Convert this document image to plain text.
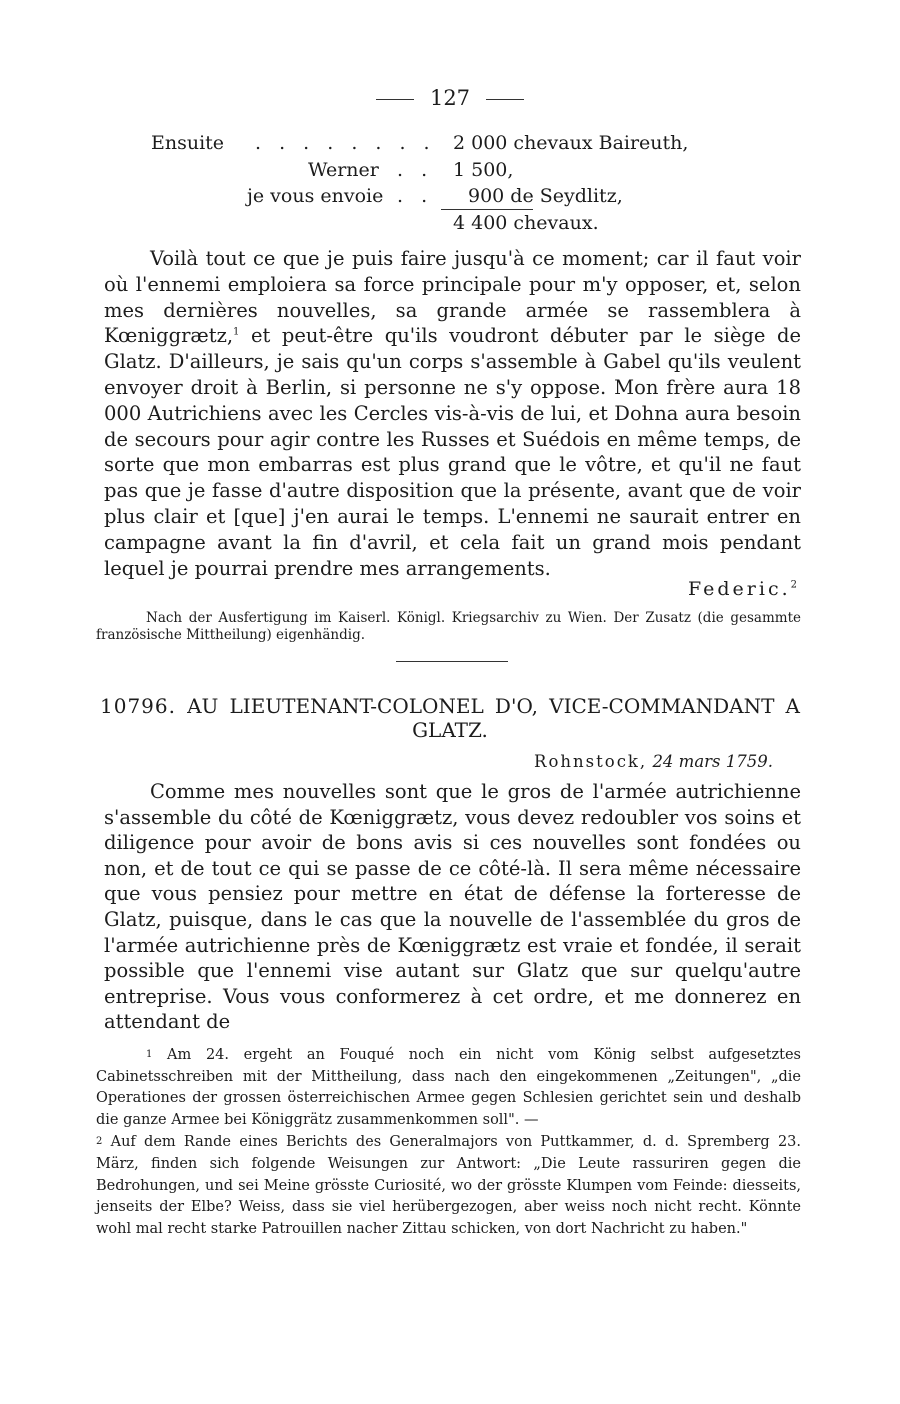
127
Ensuite . . . . . . . . 2 000 chevaux Baireuth,
Werner . . 1 500,
je vous envoie . . 900 de Seydlitz,
4 400 chevaux.

Voilà tout ce que je puis faire jusqu'à ce moment; car il faut voir où l'ennemi emploiera sa force principale pour m'y opposer, et, selon mes dernières nouvelles, sa grande armée se rassemblera à Kœniggrætz,$^1$ et peut-être qu'ils voudront débuter par le siège de Glatz. D'ailleurs, je sais qu'un corps s'assemble à Gabel qu'ils veulent envoyer droit à Berlin, si personne ne s'y oppose. Mon frère aura 18 000 Autrichiens avec les Cercles vis-à-vis de lui, et Dohna aura besoin de secours pour agir contre les Russes et Suédois en même temps, de sorte que mon embarras est plus grand que le vôtre, et qu'il ne faut pas que je fasse d'autre disposition que la présente, avant que de voir plus clair et [que] j'en aurai le temps. L'ennemi ne saurait entrer en campagne avant la fin d'avril, et cela fait un grand mois pendant lequel je pourrai prendre mes arrangements.

Federic.$^2$
Nach der Ausfertigung im Kaiserl. Königl. Kriegsarchiv zu Wien. Der Zusatz (die gesammte französische Mittheilung) eigenhändig.
10796. AU LIEUTENANT-COLONEL D'O, VICE-COMMANDANT A GLATZ.
Rohnstock, 24 mars 1759.

Comme mes nouvelles sont que le gros de l'armée autrichienne s'assemble du côté de Kœniggrætz, vous devez redoubler vos soins et diligence pour avoir de bons avis si ces nouvelles sont fondées ou non, et de tout ce qui se passe de ce côté-là. Il sera même nécessaire que vous pensiez pour mettre en état de défense la forteresse de Glatz, puisque, dans le cas que la nouvelle de l'assemblée du gros de l'armée autrichienne près de Kœniggrætz est vraie et fondée, il serait possible que l'ennemi vise autant sur Glatz que sur quelqu'autre entreprise. Vous vous conformerez à cet ordre, et me donnerez en attendant de

1 Am 24. ergeht an Fouqué noch ein nicht vom König selbst aufgesetztes Cabinetsschreiben mit der Mittheilung, dass nach den eingekommenen „Zeitungen", „die Operationes der grossen österreichischen Armee gegen Schlesien gerichtet sein und deshalb die ganze Armee bei Königgrätz zusammenkommen soll". —
2 Auf dem Rande eines Berichts des Generalmajors von Puttkammer, d. d. Spremberg 23. März, finden sich folgende Weisungen zur Antwort: „Die Leute rassuriren gegen die Bedrohungen, und sei Meine grösste Curiosité, wo der grösste Klumpen vom Feinde: diesseits, jenseits der Elbe? Weiss, dass sie viel herübergezogen, aber weiss noch nicht recht. Könnte wohl mal recht starke Patrouillen nacher Zittau schicken, von dort Nachricht zu haben."
